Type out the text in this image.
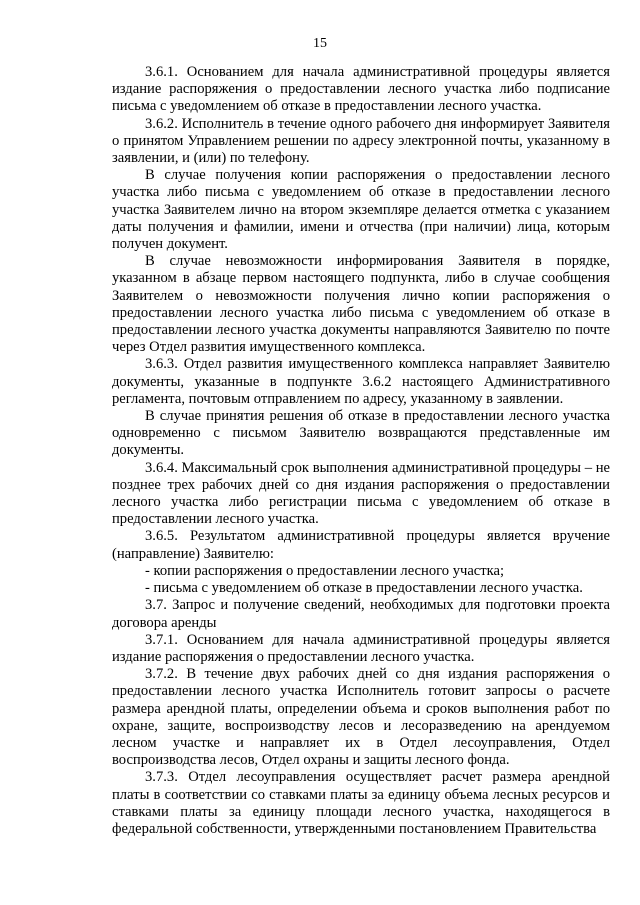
15

3.6.1. Основанием для начала административной процедуры является издание распоряжения о предоставлении лесного участка либо подписание письма с уведомлением об отказе в предоставлении лесного участка.

3.6.2. Исполнитель в течение одного рабочего дня информирует Заявителя о принятом Управлением решении по адресу электронной почты, указанному в заявлении, и (или) по телефону.

В случае получения копии распоряжения о предоставлении лесного участка либо письма с уведомлением об отказе в предоставлении лесного участка Заявителем лично на втором экземпляре делается отметка с указанием даты получения и фамилии, имени и отчества (при наличии) лица, которым получен документ.

В случае невозможности информирования Заявителя в порядке, указанном в абзаце первом настоящего подпункта, либо в случае сообщения Заявителем о невозможности получения лично копии распоряжения о предоставлении лесного участка либо письма с уведомлением об отказе в предоставлении лесного участка документы направляются Заявителю по почте через Отдел развития имущественного комплекса.

3.6.3. Отдел развития имущественного комплекса направляет Заявителю документы, указанные в подпункте 3.6.2 настоящего Административного регламента, почтовым отправлением по адресу, указанному в заявлении.

В случае принятия решения об отказе в предоставлении лесного участка одновременно с письмом Заявителю возвращаются представленные им документы.

3.6.4. Максимальный срок выполнения административной процедуры – не позднее трех рабочих дней со дня издания распоряжения о предоставлении лесного участка либо регистрации письма с уведомлением об отказе в предоставлении лесного участка.

3.6.5. Результатом административной процедуры является вручение (направление) Заявителю:

- копии распоряжения о предоставлении лесного участка;

- письма с уведомлением об отказе в предоставлении лесного участка.

3.7. Запрос и получение сведений, необходимых для подготовки проекта договора аренды

3.7.1. Основанием для начала административной процедуры является издание распоряжения о предоставлении лесного участка.

3.7.2. В течение двух рабочих дней со дня издания распоряжения о предоставлении лесного участка Исполнитель готовит запросы о расчете размера арендной платы, определении объема и сроков выполнения работ по охране, защите, воспроизводству лесов и лесоразведению на арендуемом лесном участке и направляет их в Отдел лесоуправления, Отдел воспроизводства лесов, Отдел охраны и защиты лесного фонда.

3.7.3. Отдел лесоуправления осуществляет расчет размера арендной платы в соответствии со ставками платы за единицу объема лесных ресурсов и ставками платы за единицу площади лесного участка, находящегося в федеральной собственности, утвержденными постановлением Правительства
